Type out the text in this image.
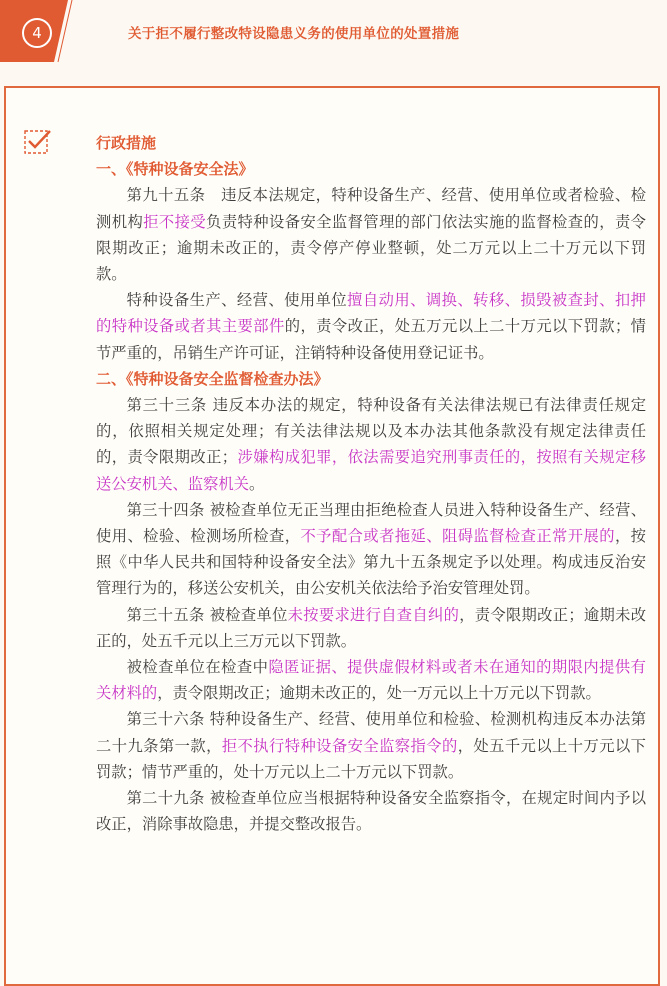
4	关于拒不履行整改特设隐患义务的使用单位的处置措施
行政措施
一、《特种设备安全法》

第九十五条　违反本法规定，特种设备生产、经营、使用单位或者检验、检测机构拒不接受负责特种设备安全监督管理的部门依法实施的监督检查的，责令限期改正；逾期未改正的，责令停产停业整顿，处二万元以上二十万元以下罚款。

特种设备生产、经营、使用单位擅自动用、调换、转移、损毁被查封、扣押的特种设备或者其主要部件的，责令改正，处五万元以上二十万元以下罚款；情节严重的，吊销生产许可证，注销特种设备使用登记证书。

二、《特种设备安全监督检查办法》

第三十三条 违反本办法的规定，特种设备有关法律法规已有法律责任规定的，依照相关规定处理；有关法律法规以及本办法其他条款没有规定法律责任的，责令限期改正；涉嫌构成犯罪，依法需要追究刑事责任的，按照有关规定移送公安机关、监察机关。

第三十四条 被检查单位无正当理由拒绝检查人员进入特种设备生产、经营、使用、检验、检测场所检查，不予配合或者拖延、阻碍监督检查正常开展的，按照《中华人民共和国特种设备安全法》第九十五条规定予以处理。构成违反治安管理行为的，移送公安机关，由公安机关依法给予治安管理处罚。

第三十五条 被检查单位未按要求进行自查自纠的，责令限期改正；逾期未改正的，处五千元以上三万元以下罚款。

被检查单位在检查中隐匿证据、提供虚假材料或者未在通知的期限内提供有关材料的，责令限期改正；逾期未改正的，处一万元以上十万元以下罚款。

第三十六条 特种设备生产、经营、使用单位和检验、检测机构违反本办法第二十九条第一款，拒不执行特种设备安全监察指令的，处五千元以上十万元以下罚款；情节严重的，处十万元以上二十万元以下罚款。

第二十九条 被检查单位应当根据特种设备安全监察指令，在规定时间内予以改正，消除事故隐患，并提交整改报告。
